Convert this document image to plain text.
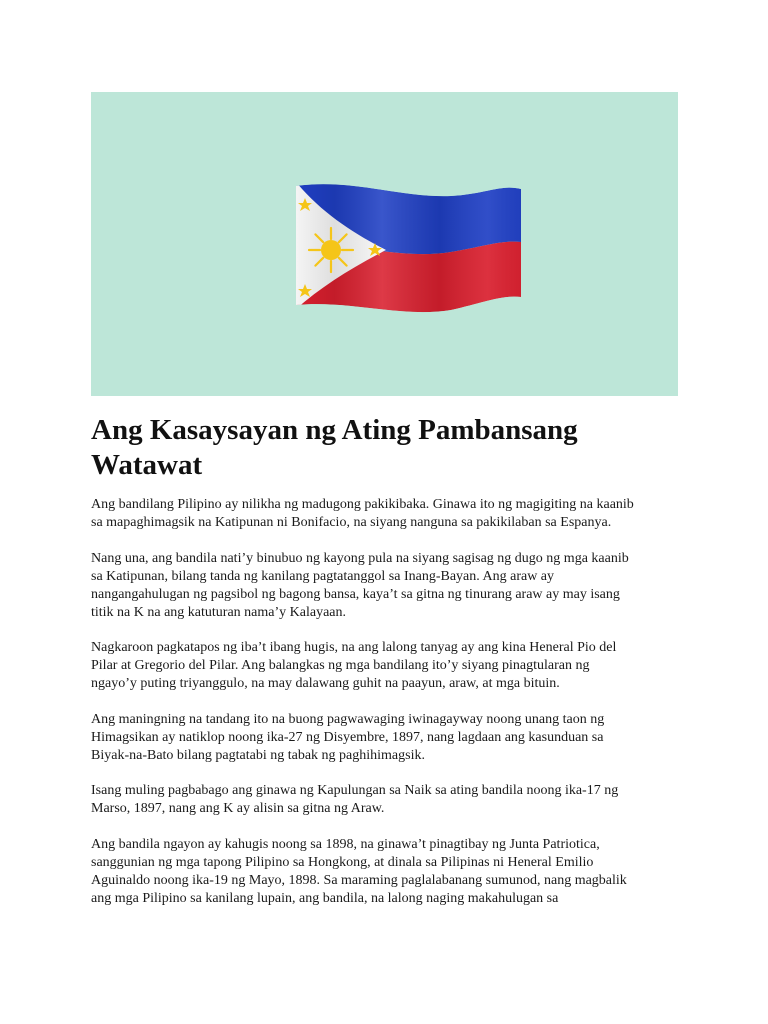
Ang Kasaysayan ng Ating Pambansang
Watawat

Ang bandilang Pilipino ay nilikha ng madugong pakikibaka. Ginawa ito ng magigiting na kaanib
sa mapaghimagsik na Katipunan ni Bonifacio, na siyang nanguna sa pakikilaban sa Espanya.

Nang una, ang bandila nati’y binubuo ng kayong pula na siyang sagisag ng dugo ng mga kaanib
sa Katipunan, bilang tanda ng kanilang pagtatanggol sa Inang-Bayan. Ang araw ay
nangangahulugan ng pagsibol ng bagong bansa, kaya’t sa gitna ng tinurang araw ay may isang
titik na K na ang katuturan nama’y Kalayaan.

Nagkaroon pagkatapos ng iba’t ibang hugis, na ang lalong tanyag ay ang kina Heneral Pio del
Pilar at Gregorio del Pilar. Ang balangkas ng mga bandilang ito’y siyang pinagtularan ng
ngayo’y puting triyanggulo, na may dalawang guhit na paayun, araw, at mga bituin.

Ang maningning na tandang ito na buong pagwawaging iwinagayway noong unang taon ng
Himagsikan ay natiklop noong ika-27 ng Disyembre, 1897, nang lagdaan ang kasunduan sa
Biyak-na-Bato bilang pagtatabi ng tabak ng paghihimagsik.

Isang muling pagbabago ang ginawa ng Kapulungan sa Naik sa ating bandila noong ika-17 ng
Marso, 1897, nang ang K ay alisin sa gitna ng Araw.

Ang bandila ngayon ay kahugis noong sa 1898, na ginawa’t pinagtibay ng Junta Patriotica,
sanggunian ng mga tapong Pilipino sa Hongkong, at dinala sa Pilipinas ni Heneral Emilio
Aguinaldo noong ika-19 ng Mayo, 1898. Sa maraming paglalabanang sumunod, nang magbalik
ang mga Pilipino sa kanilang lupain, ang bandila, na lalong naging makahulugan sa
